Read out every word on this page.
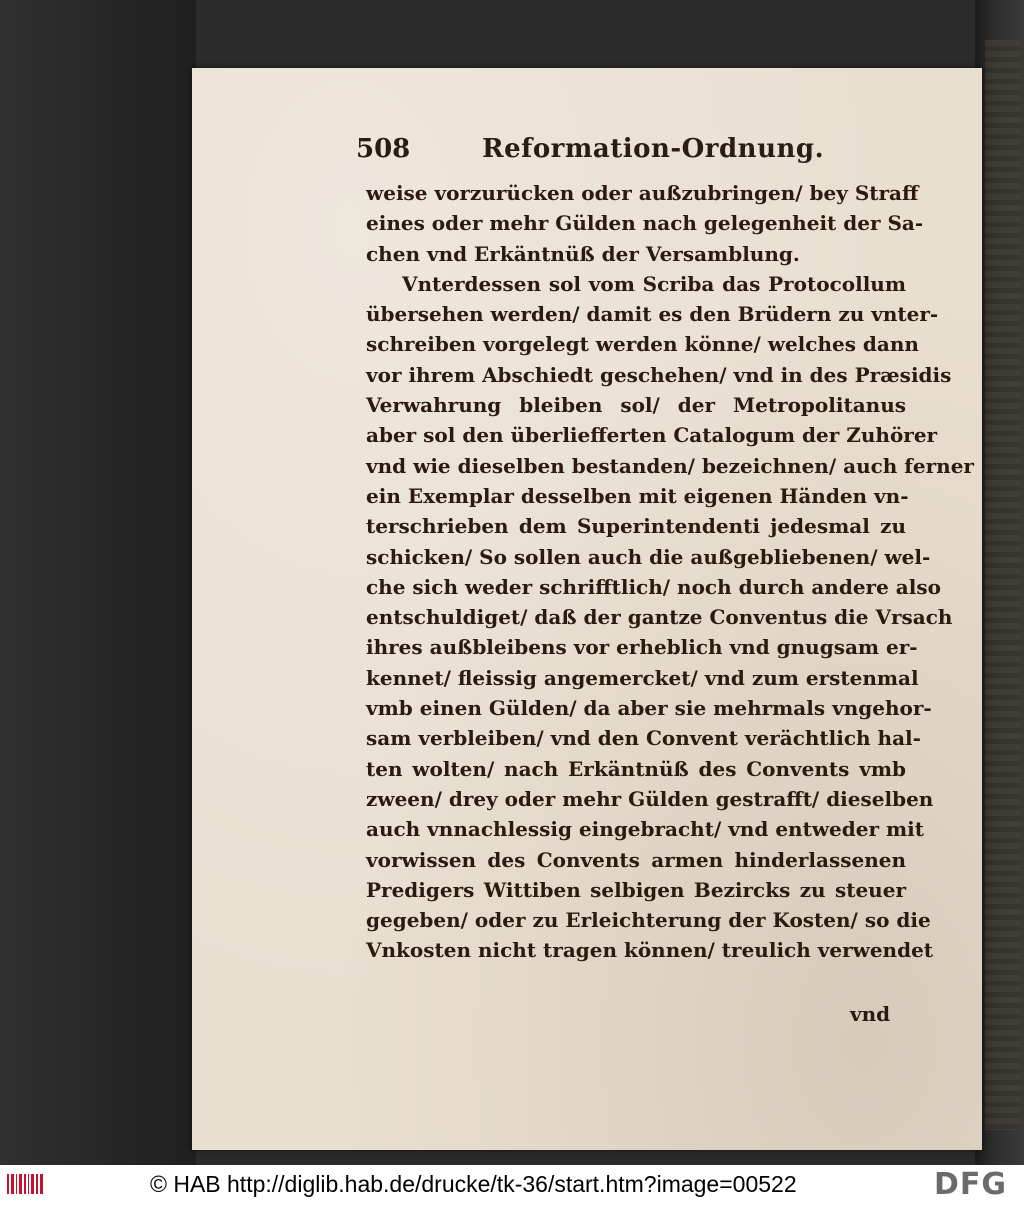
508	Reformation-Ordnung.
weise vorzurücken oder außzubringen/ bey Straff
eines oder mehr Gülden nach gelegenheit der Sa-
chen vnd Erkäntnüß der Versamblung.
Vnterdessen sol vom Scriba das Protocollum
übersehen werden/ damit es den Brüdern zu vnter-
schreiben vorgelegt werden könne/ welches dann
vor ihrem Abschiedt geschehen/ vnd in des Præsidis
Verwahrung bleiben sol/ der Metropolitanus
aber sol den überliefferten Catalogum der Zuhörer
vnd wie dieselben bestanden/ bezeichnen/ auch ferner
ein Exemplar desselben mit eigenen Händen vn-
terschrieben dem Superintendenti jedesmal zu
schicken/ So sollen auch die außgebliebenen/ wel-
che sich weder schrifftlich/ noch durch andere also
entschuldiget/ daß der gantze Conventus die Vrsach
ihres außbleibens vor erheblich vnd gnugsam er-
kennet/ fleissig angemercket/ vnd zum erstenmal
vmb einen Gülden/ da aber sie mehrmals vngehor-
sam verbleiben/ vnd den Convent verächtlich hal-
ten wolten/ nach Erkäntnüß des Convents vmb
zween/ drey oder mehr Gülden gestrafft/ dieselben
auch vnnachlessig eingebracht/ vnd entweder mit
vorwissen des Convents armen hinderlassenen
Predigers Wittiben selbigen Bezircks zu steuer
gegeben/ oder zu Erleichterung der Kosten/ so die
Vnkosten nicht tragen können/ treulich verwendet
vnd
© HAB http://diglib.hab.de/drucke/tk-36/start.htm?image=00522	DFG
